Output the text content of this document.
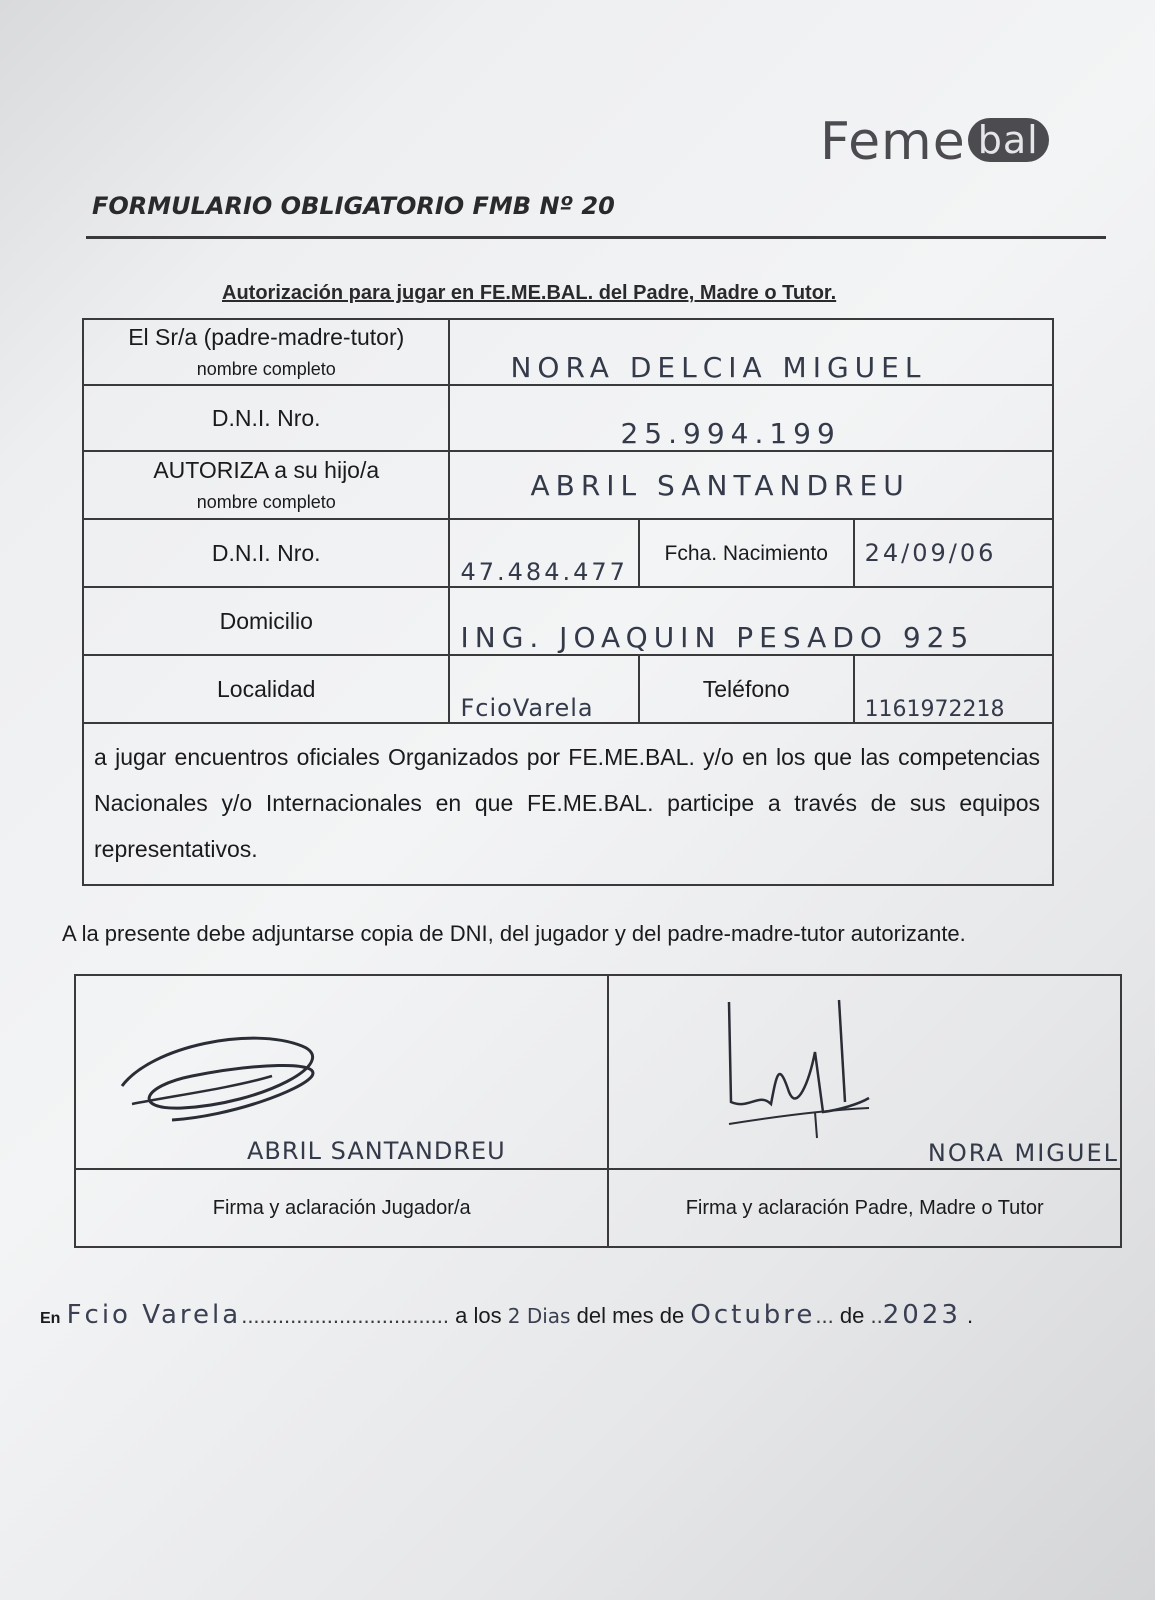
Feme bal
FORMULARIO OBLIGATORIO FMB Nº 20
Autorización para jugar en FE.ME.BAL. del Padre, Madre o Tutor.
El Sr/a (padre-madre-tutor)
nombre completo	NORA DELCIA MIGUEL		

D.N.I. Nro.	25.994.199		

AUTORIZA a su hijo/a
nombre completo	ABRIL SANTANDREU		

D.N.I. Nro.	47.484.477	Fcha. Nacimiento	24/09/06

Domicilio	ING. JOAQUIN PESADO 925		

Localidad	FcioVarela	Teléfono	1161972218
a jugar encuentros oficiales Organizados por FE.ME.BAL. y/o en los que las competencias Nacionales y/o Internacionales en que FE.ME.BAL. participe a través de sus equipos representativos.			
A la presente debe adjuntarse copia de DNI, del jugador y del padre-madre-tutor autorizante.
ABRIL SANTANDREU	NORA MIGUEL

Firma y aclaración Jugador/a	Firma y aclaración Padre, Madre o Tutor
En Fcio Varela.................................. a los 2 Dias del mes de Octubre... de ..2023 .
